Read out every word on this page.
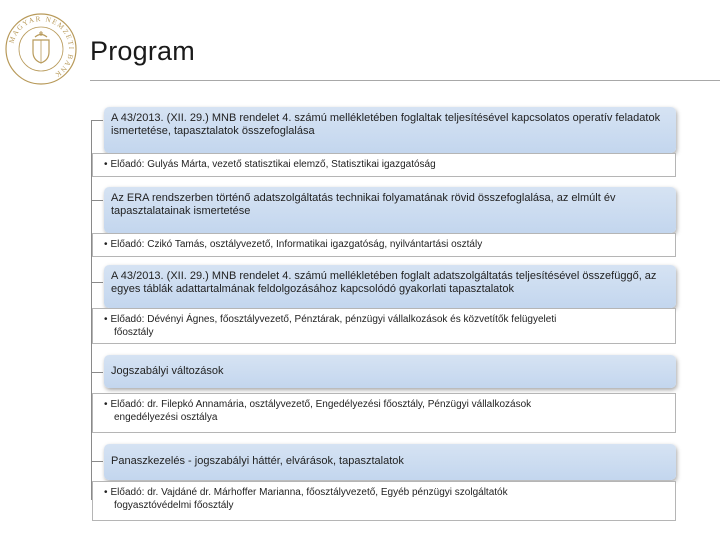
MAGYAR NEMZETI BANK
Program
A 43/2013. (XII. 29.) MNB rendelet 4. számú mellékletében foglaltak teljesítésével kapcsolatos operatív feladatok ismertetése, tapasztalatok összefoglalása
• Előadó: Gulyás Márta, vezető statisztikai elemző, Statisztikai igazgatóság
Az ERA rendszerben történő adatszolgáltatás technikai folyamatának rövid összefoglalása, az elmúlt év tapasztalatainak ismertetése
• Előadó: Czikó Tamás, osztályvezető, Informatikai igazgatóság, nyilvántartási osztály
A 43/2013. (XII. 29.) MNB rendelet 4. számú mellékletében foglalt adatszolgáltatás teljesítésével összefüggő, az egyes táblák adattartalmának feldolgozásához kapcsolódó gyakorlati tapasztalatok
• Előadó: Dévényi Ágnes, főosztályvezető, Pénztárak, pénzügyi vállalkozások és közvetítők felügyeleti
főosztály
Jogszabályi változások
• Előadó: dr. Filepkó Annamária, osztályvezető, Engedélyezési főosztály, Pénzügyi vállalkozások
engedélyezési osztálya
Panaszkezelés - jogszabályi háttér, elvárások, tapasztalatok
• Előadó: dr. Vajdáné dr. Márhoffer Marianna, főosztályvezető, Egyéb pénzügyi szolgáltatók
fogyasztóvédelmi főosztály
